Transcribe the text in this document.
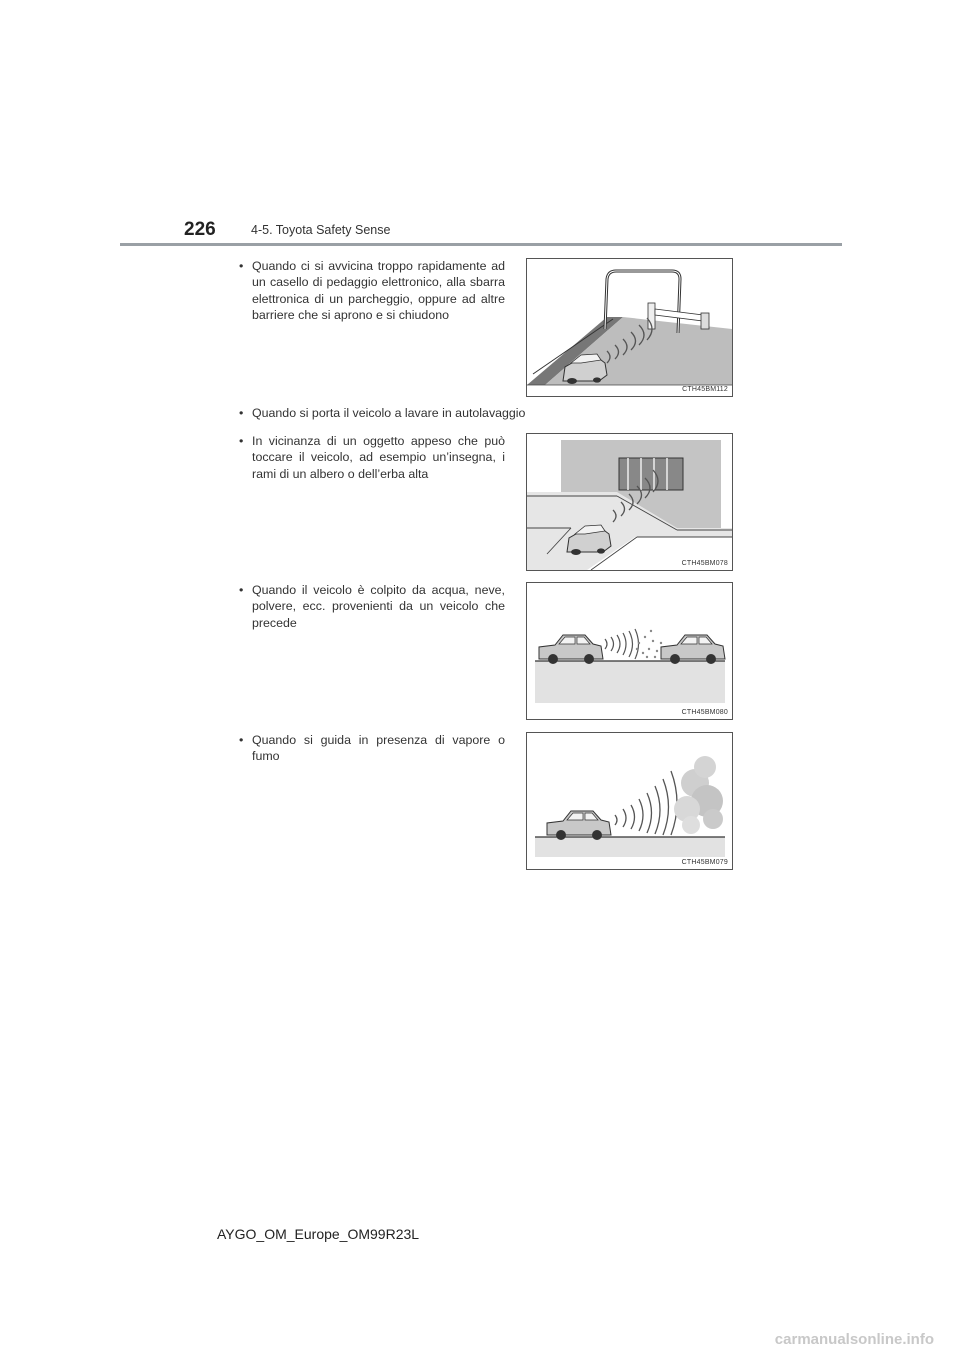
226	4-5. Toyota Safety Sense
• Quando ci si avvicina troppo rapidamente ad un casello di pedaggio elettronico, alla sbarra elettronica di un parcheggio, oppure ad altre barriere che si aprono e si chiudono
CTH45BM112
• Quando si porta il veicolo a lavare in autolavaggio
• In vicinanza di un oggetto appeso che può toccare il veicolo, ad esempio un’insegna, i rami di un albero o dell’erba alta
CTH45BM078
• Quando il veicolo è colpito da acqua, neve, polvere, ecc. provenienti da un veicolo che precede
CTH45BM080
• Quando si guida in presenza di vapore o fumo
CTH45BM079
AYGO_OM_Europe_OM99R23L
carmanualsonline.info
